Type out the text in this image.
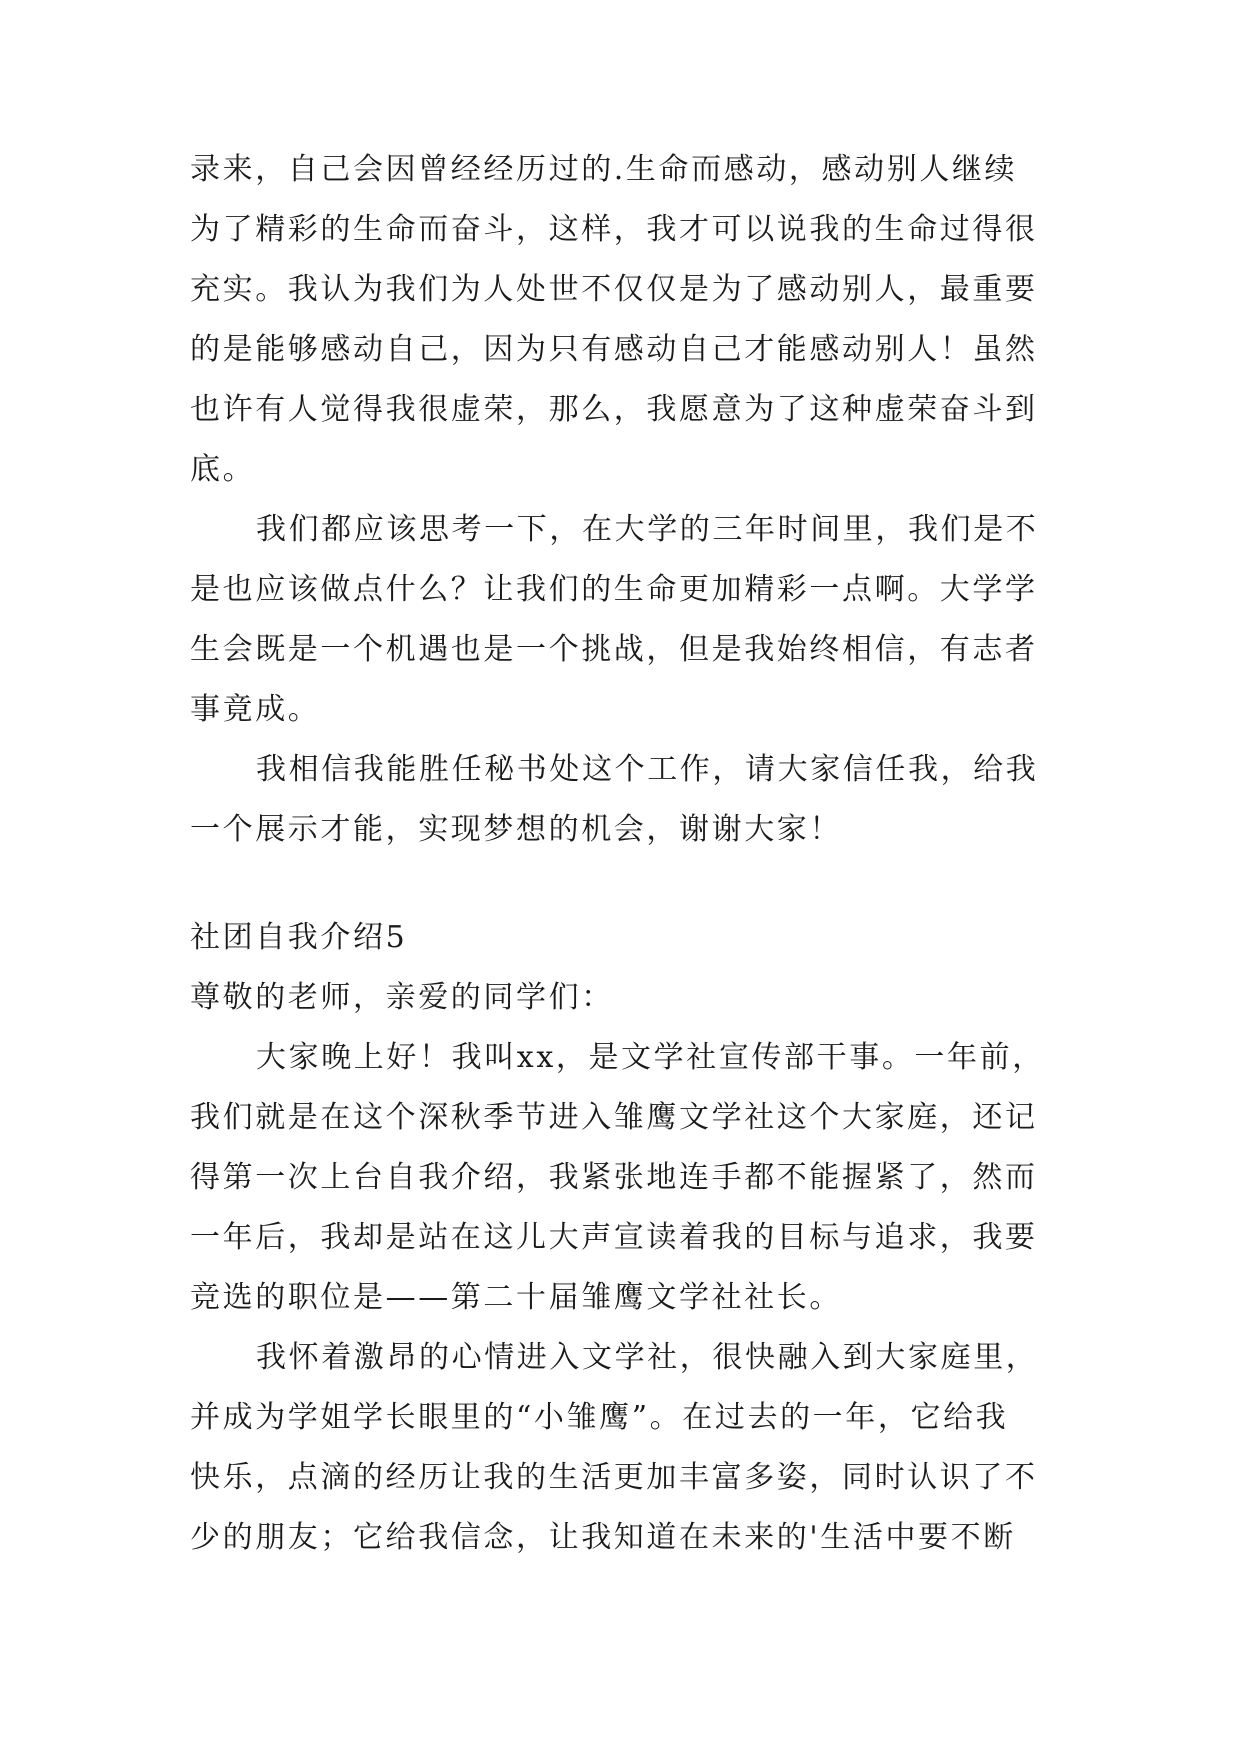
录来，自己会因曾经经历过的.生命而感动，感动别人继续
为了精彩的生命而奋斗，这样，我才可以说我的生命过得很
充实。我认为我们为人处世不仅仅是为了感动别人，最重要
的是能够感动自己，因为只有感动自己才能感动别人！虽然
也许有人觉得我很虚荣，那么，我愿意为了这种虚荣奋斗到
底。
我们都应该思考一下，在大学的三年时间里，我们是不
是也应该做点什么？让我们的生命更加精彩一点啊。大学学
生会既是一个机遇也是一个挑战，但是我始终相信，有志者
事竟成。
我相信我能胜任秘书处这个工作，请大家信任我，给我
一个展示才能，实现梦想的机会，谢谢大家！
社团自我介绍5
尊敬的老师，亲爱的同学们：
大家晚上好！我叫xx，是文学社宣传部干事。一年前，
我们就是在这个深秋季节进入雏鹰文学社这个大家庭，还记
得第一次上台自我介绍，我紧张地连手都不能握紧了，然而
一年后，我却是站在这儿大声宣读着我的目标与追求，我要
竞选的职位是——第二十届雏鹰文学社社长。
我怀着激昂的心情进入文学社，很快融入到大家庭里，
并成为学姐学长眼里的“小雏鹰”。在过去的一年，它给我
快乐，点滴的经历让我的生活更加丰富多姿，同时认识了不
少的朋友；它给我信念，让我知道在未来的'生活中要不断
